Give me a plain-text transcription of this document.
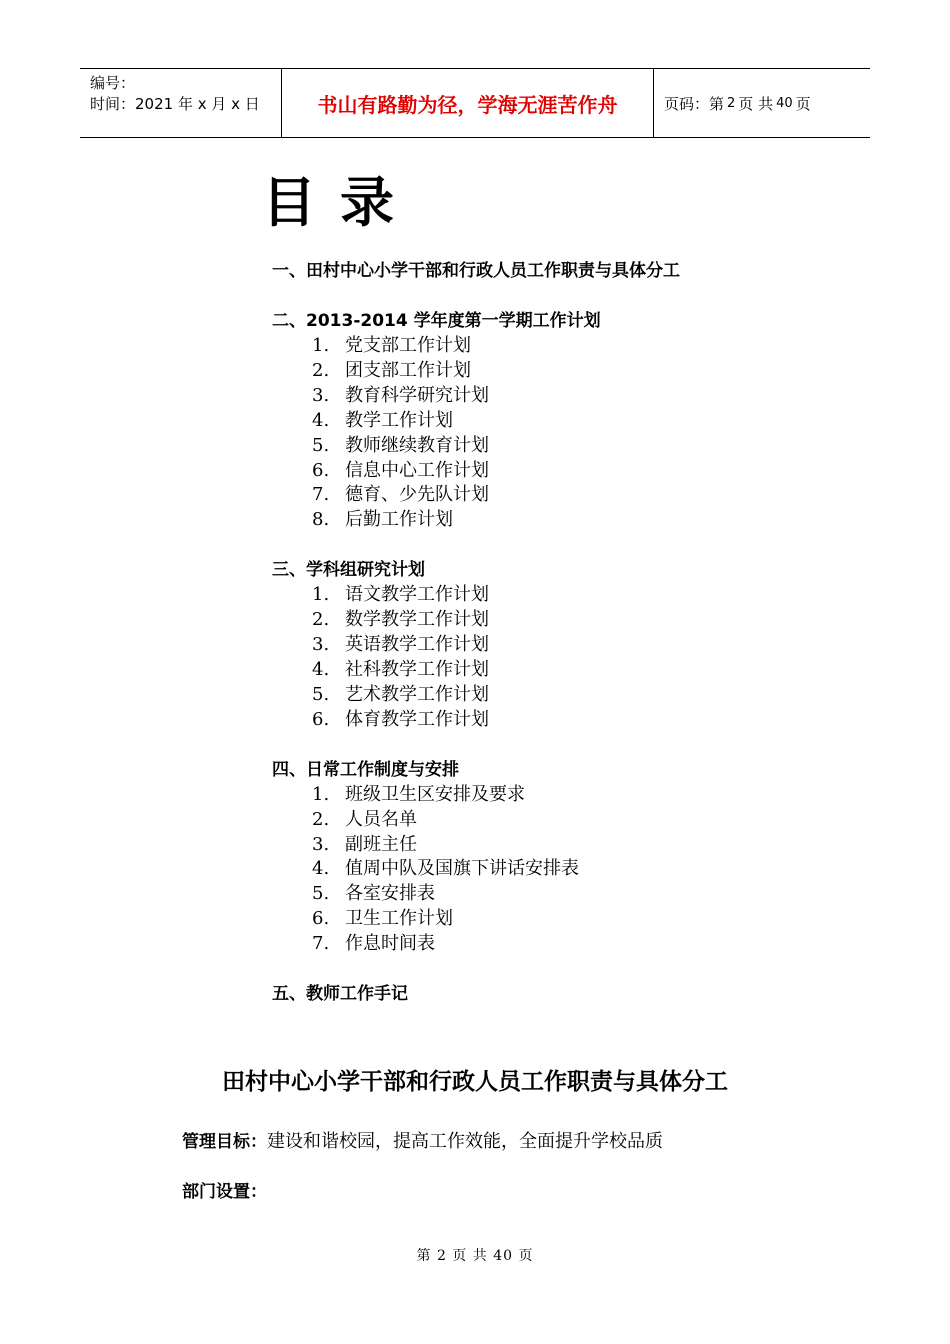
编号：
时间：2021 年 x 月 x 日	书山有路勤为径，学海无涯苦作舟	页码：第 2 页 共 40 页
目录
一、田村中心小学干部和行政人员工作职责与具体分工
二、2013-2014 学年度第一学期工作计划
1. 党支部工作计划
2. 团支部工作计划
3. 教育科学研究计划
4. 教学工作计划
5. 教师继续教育计划
6. 信息中心工作计划
7. 德育、少先队计划
8. 后勤工作计划
三、学科组研究计划
1. 语文教学工作计划
2. 数学教学工作计划
3. 英语教学工作计划
4. 社科教学工作计划
5. 艺术教学工作计划
6. 体育教学工作计划
四、日常工作制度与安排
1. 班级卫生区安排及要求
2. 人员名单
3. 副班主任
4. 值周中队及国旗下讲话安排表
5. 各室安排表
6. 卫生工作计划
7. 作息时间表
五、教师工作手记
田村中心小学干部和行政人员工作职责与具体分工
管理目标：建设和谐校园，提高工作效能，全面提升学校品质
部门设置：
第 2 页 共 40 页
